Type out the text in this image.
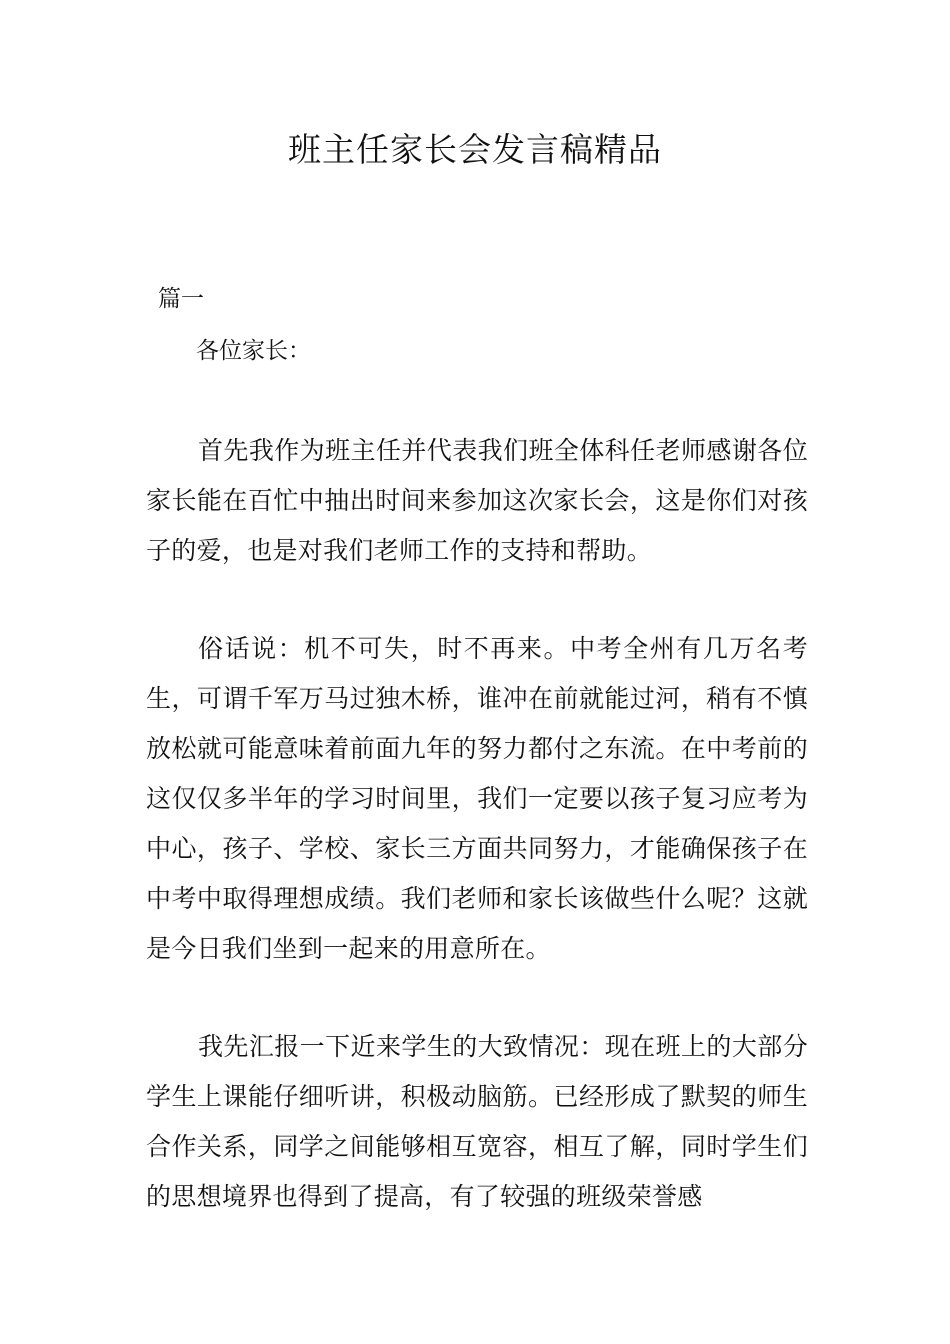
班主任家长会发言稿精品
篇一
各位家长：

首先我作为班主任并代表我们班全体科任老师感谢各位家长能在百忙中抽出时间来参加这次家长会，这是你们对孩子的爱，也是对我们老师工作的支持和帮助。

俗话说：机不可失，时不再来。中考全州有几万名考生，可谓千军万马过独木桥，谁冲在前就能过河，稍有不慎放松就可能意味着前面九年的努力都付之东流。在中考前的这仅仅多半年的学习时间里，我们一定要以孩子复习应考为中心，孩子、学校、家长三方面共同努力，才能确保孩子在中考中取得理想成绩。我们老师和家长该做些什么呢？这就是今日我们坐到一起来的用意所在。

我先汇报一下近来学生的大致情况：现在班上的大部分学生上课能仔细听讲，积极动脑筋。已经形成了默契的师生合作关系，同学之间能够相互宽容，相互了解，同时学生们的思想境界也得到了提高，有了较强的班级荣誉感
